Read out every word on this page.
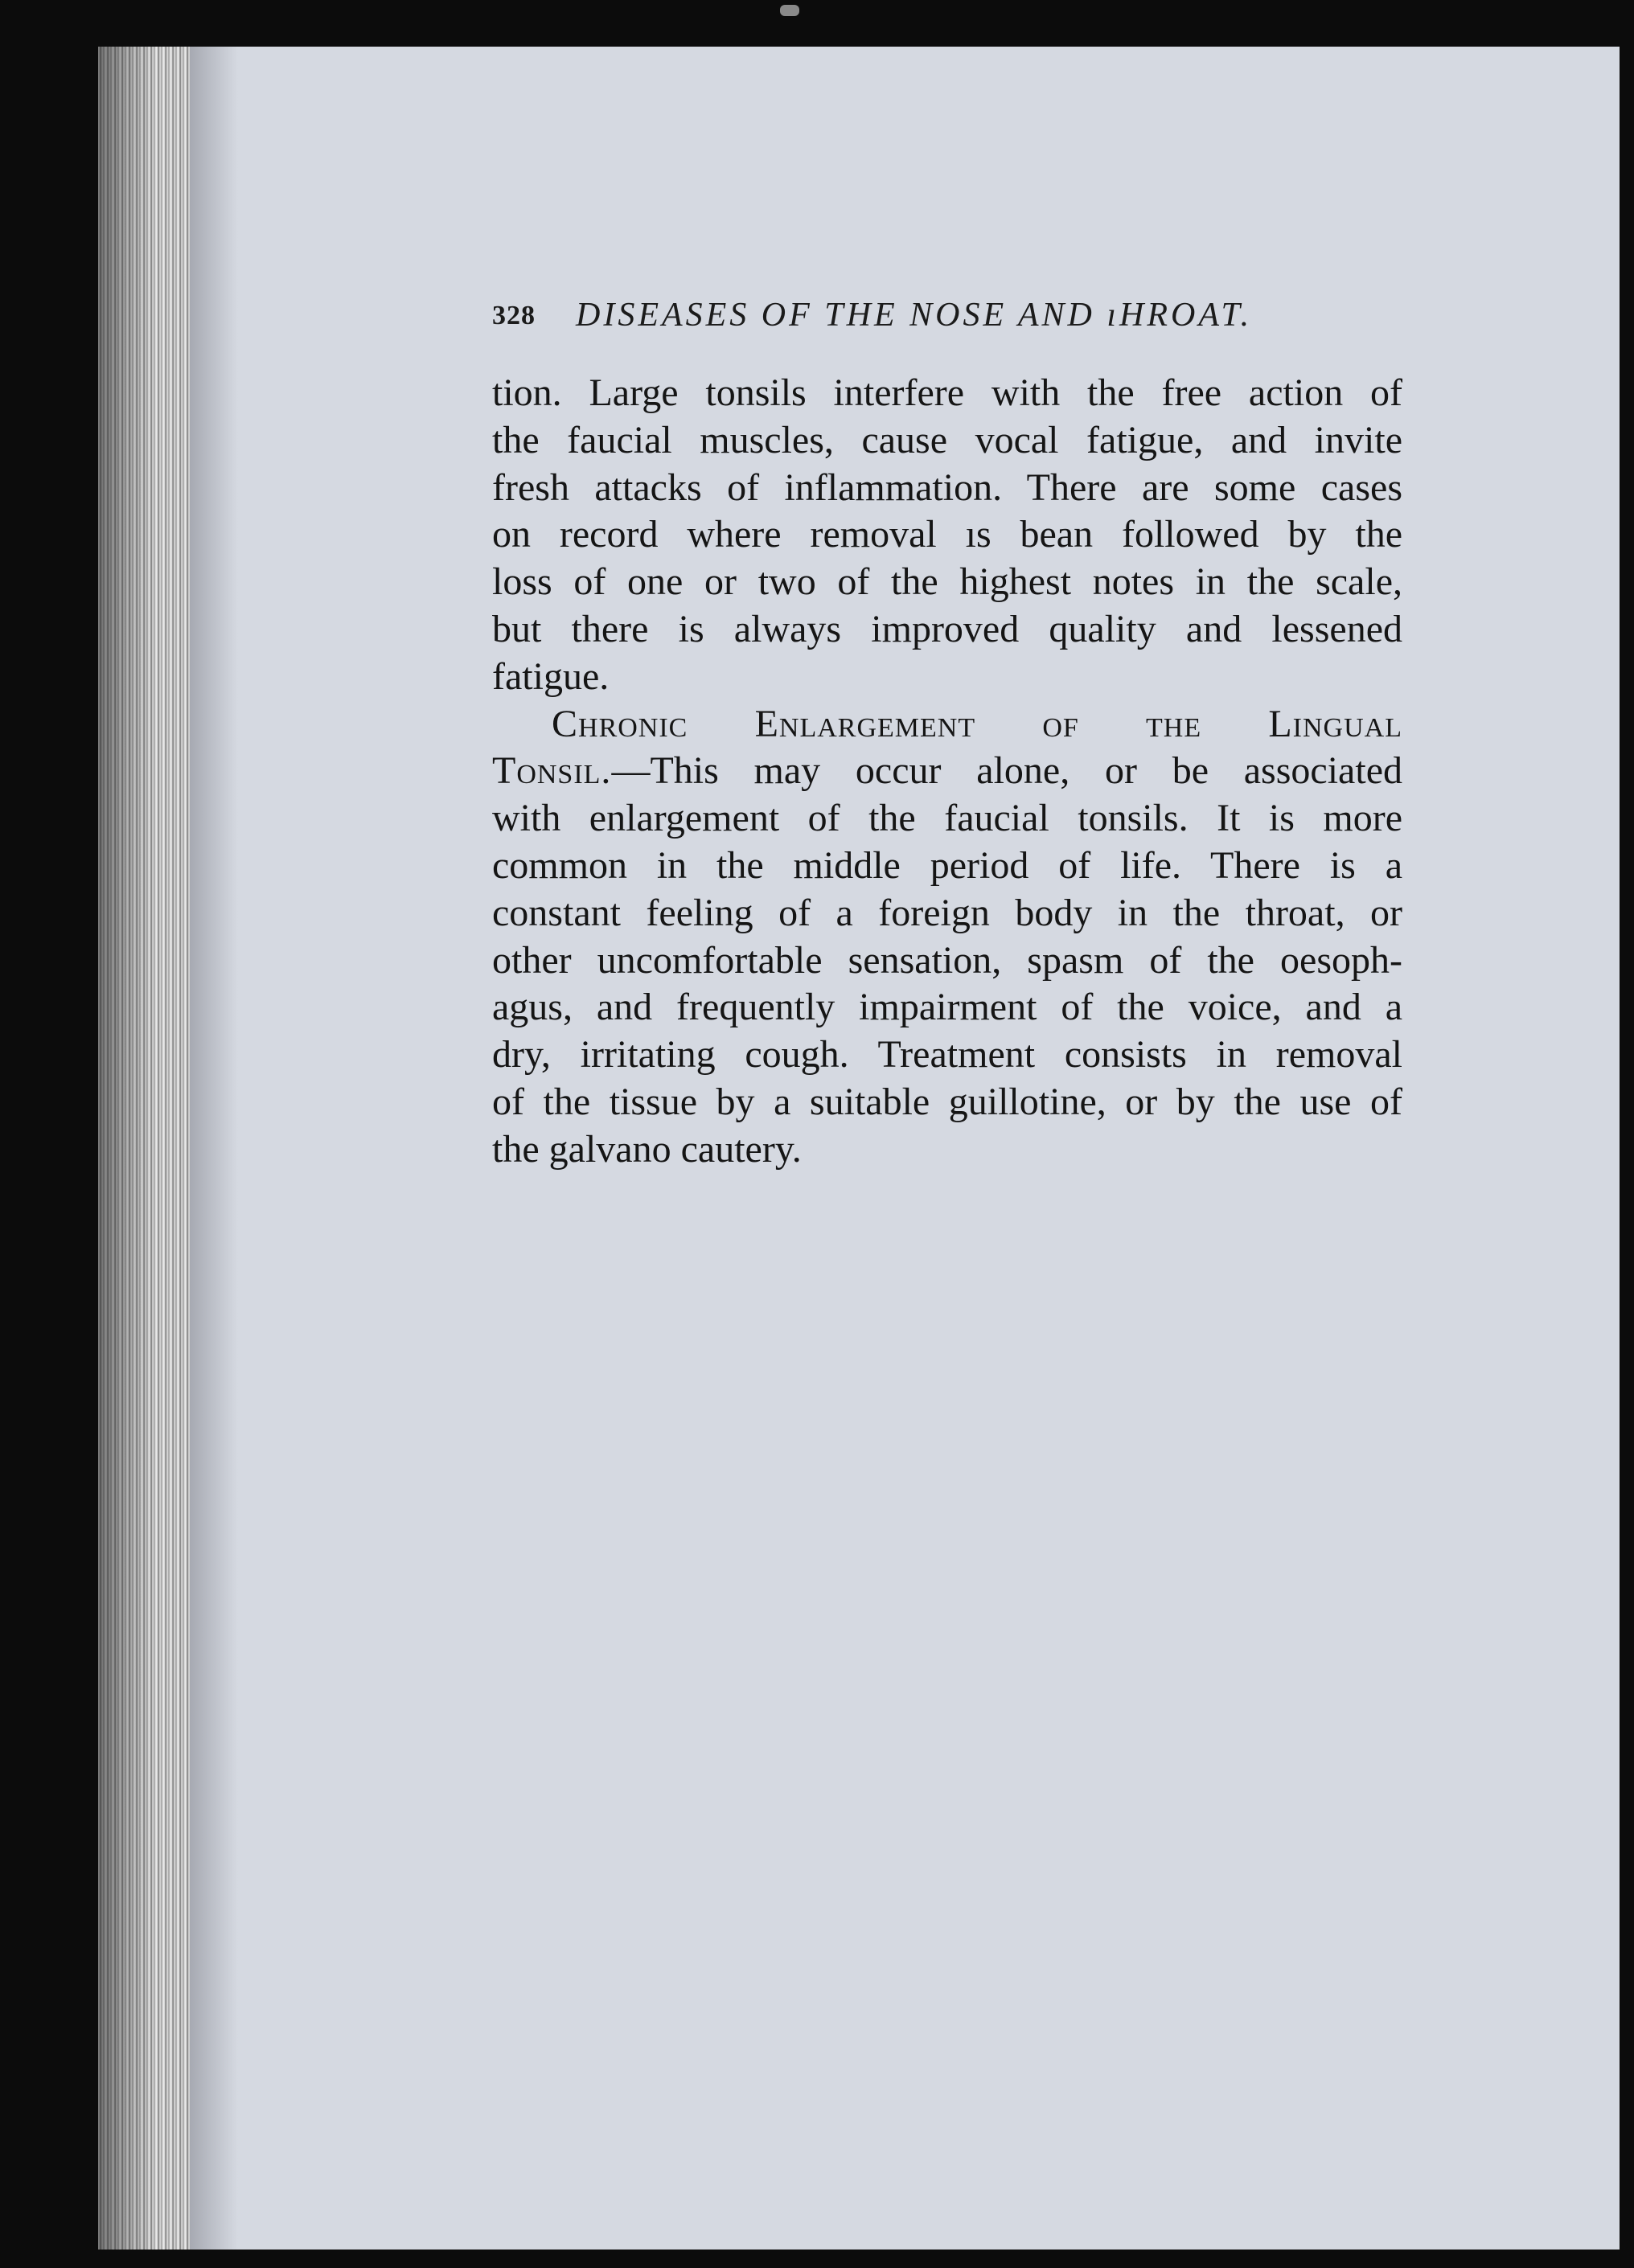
328 DISEASES OF THE NOSE AND ıHROAT.
tion. Large tonsils interfere with the free action of
the faucial muscles, cause vocal fatigue, and invite
fresh attacks of inflammation. There are some cases
on record where removal ıs bean followed by the
loss of one or two of the highest notes in the scale,
but there is always improved quality and lessened
fatigue.
Chronic Enlargement of the Lingual
Tonsil.—This may occur alone, or be associated
with enlargement of the faucial tonsils. It is more
common in the middle period of life. There is a
constant feeling of a foreign body in the throat, or
other uncomfortable sensation, spasm of the oesoph-
agus, and frequently impairment of the voice, and a
dry, irritating cough. Treatment consists in removal
of the tissue by a suitable guillotine, or by the use of
the galvano cautery.
